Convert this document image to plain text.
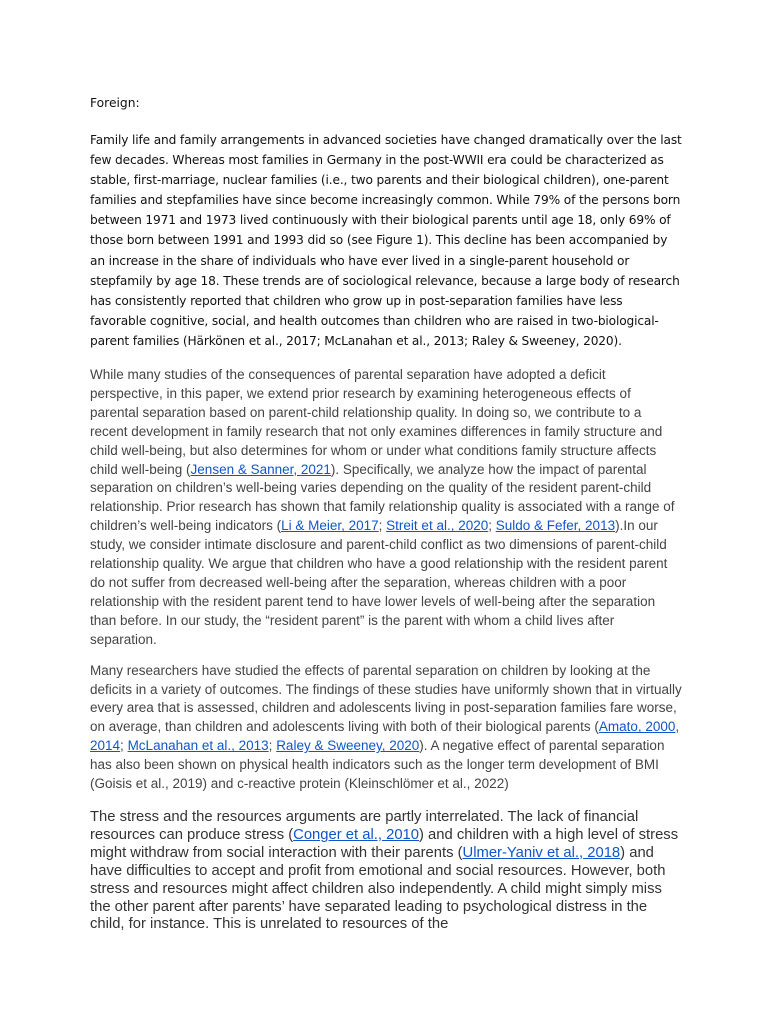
Foreign:

Family life and family arrangements in advanced societies have changed dramatically over the last few decades. Whereas most families in Germany in the post-WWII era could be characterized as stable, first-marriage, nuclear families (i.e., two parents and their biological children), one-parent families and stepfamilies have since become increasingly common. While 79% of the persons born between 1971 and 1973 lived continuously with their biological parents until age 18, only 69% of those born between 1991 and 1993 did so (see Figure 1). This decline has been accompanied by an increase in the share of individuals who have ever lived in a single-parent household or stepfamily by age 18. These trends are of sociological relevance, because a large body of research has consistently reported that children who grow up in post-separation families have less favorable cognitive, social, and health outcomes than children who are raised in two-biological-parent families (Härkönen et al., 2017; McLanahan et al., 2013; Raley & Sweeney, 2020).

While many studies of the consequences of parental separation have adopted a deficit perspective, in this paper, we extend prior research by examining heterogeneous effects of parental separation based on parent-child relationship quality. In doing so, we contribute to a recent development in family research that not only examines differences in family structure and child well-being, but also determines for whom or under what conditions family structure affects child well-being (Jensen & Sanner, 2021). Specifically, we analyze how the impact of parental separation on children’s well-being varies depending on the quality of the resident parent-child relationship. Prior research has shown that family relationship quality is associated with a range of children’s well-being indicators (Li & Meier, 2017; Streit et al., 2020; Suldo & Fefer, 2013).In our study, we consider intimate disclosure and parent-child conflict as two dimensions of parent-child relationship quality. We argue that children who have a good relationship with the resident parent do not suffer from decreased well-being after the separation, whereas children with a poor relationship with the resident parent tend to have lower levels of well-being after the separation than before. In our study, the “resident parent” is the parent with whom a child lives after separation.

Many researchers have studied the effects of parental separation on children by looking at the deficits in a variety of outcomes. The findings of these studies have uniformly shown that in virtually every area that is assessed, children and adolescents living in post-separation families fare worse, on average, than children and adolescents living with both of their biological parents (Amato, 2000, 2014; McLanahan et al., 2013; Raley & Sweeney, 2020). A negative effect of parental separation has also been shown on physical health indicators such as the longer term development of BMI (Goisis et al., 2019) and c-reactive protein (Kleinschlömer et al., 2022)

The stress and the resources arguments are partly interrelated. The lack of financial resources can produce stress (Conger et al., 2010) and children with a high level of stress might withdraw from social interaction with their parents (Ulmer-Yaniv et al., 2018) and have difficulties to accept and profit from emotional and social resources. However, both stress and resources might affect children also independently. A child might simply miss the other parent after parents’ have separated leading to psychological distress in the child, for instance. This is unrelated to resources of the
